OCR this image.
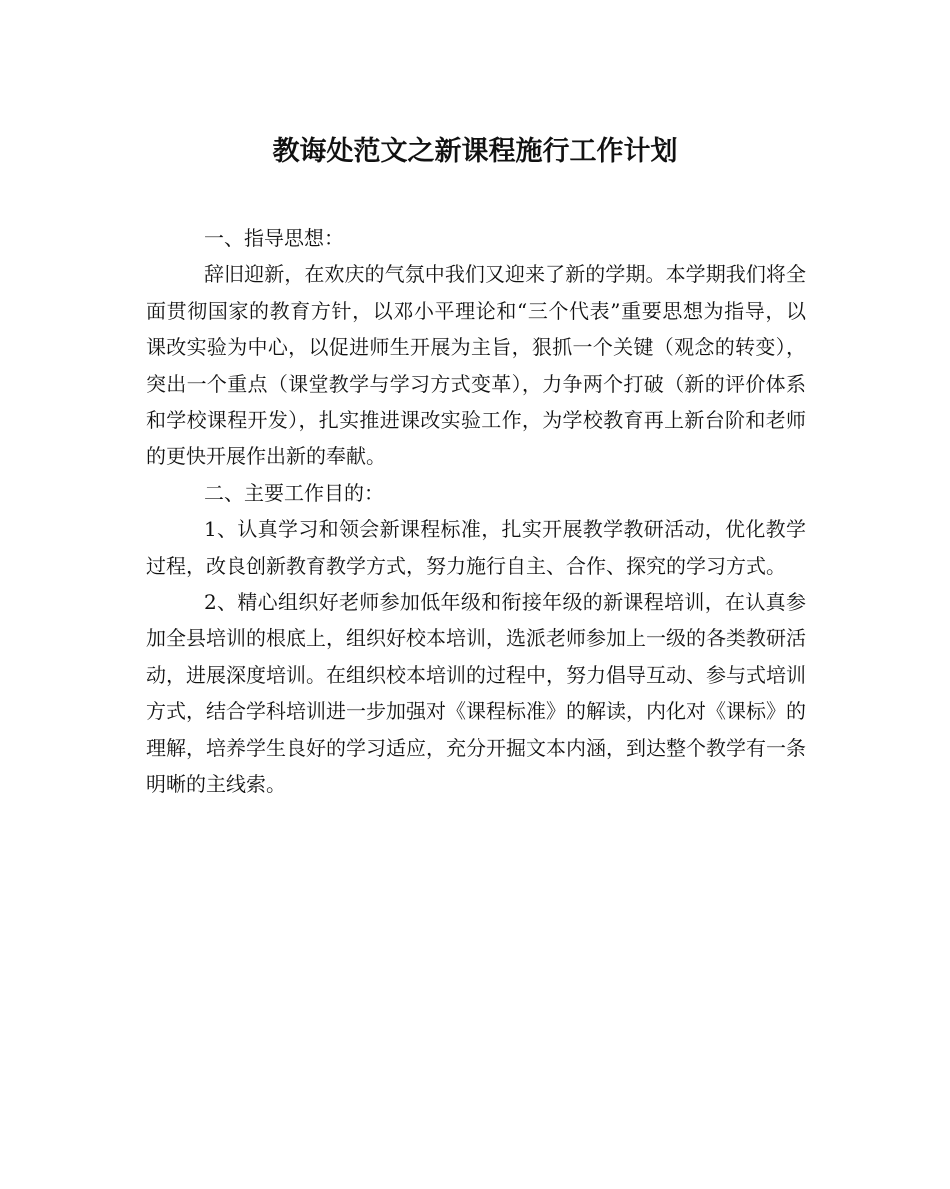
教诲处范文之新课程施行工作计划

一、指导思想：

辞旧迎新，在欢庆的气氛中我们又迎来了新的学期。本学期我们将全面贯彻国家的教育方针，以邓小平理论和“三个代表”重要思想为指导，以课改实验为中心，以促进师生开展为主旨，狠抓一个关键（观念的转变），突出一个重点（课堂教学与学习方式变革），力争两个打破（新的评价体系和学校课程开发），扎实推进课改实验工作，为学校教育再上新台阶和老师的更快开展作出新的奉献。

二、主要工作目的：

1、认真学习和领会新课程标准，扎实开展教学教研活动，优化教学过程，改良创新教育教学方式，努力施行自主、合作、探究的学习方式。

2、精心组织好老师参加低年级和衔接年级的新课程培训，在认真参加全县培训的根底上，组织好校本培训，选派老师参加上一级的各类教研活动，进展深度培训。在组织校本培训的过程中，努力倡导互动、参与式培训方式，结合学科培训进一步加强对《课程标准》的解读，内化对《课标》的理解，培养学生良好的学习适应，充分开掘文本内涵，到达整个教学有一条明晰的主线索。
